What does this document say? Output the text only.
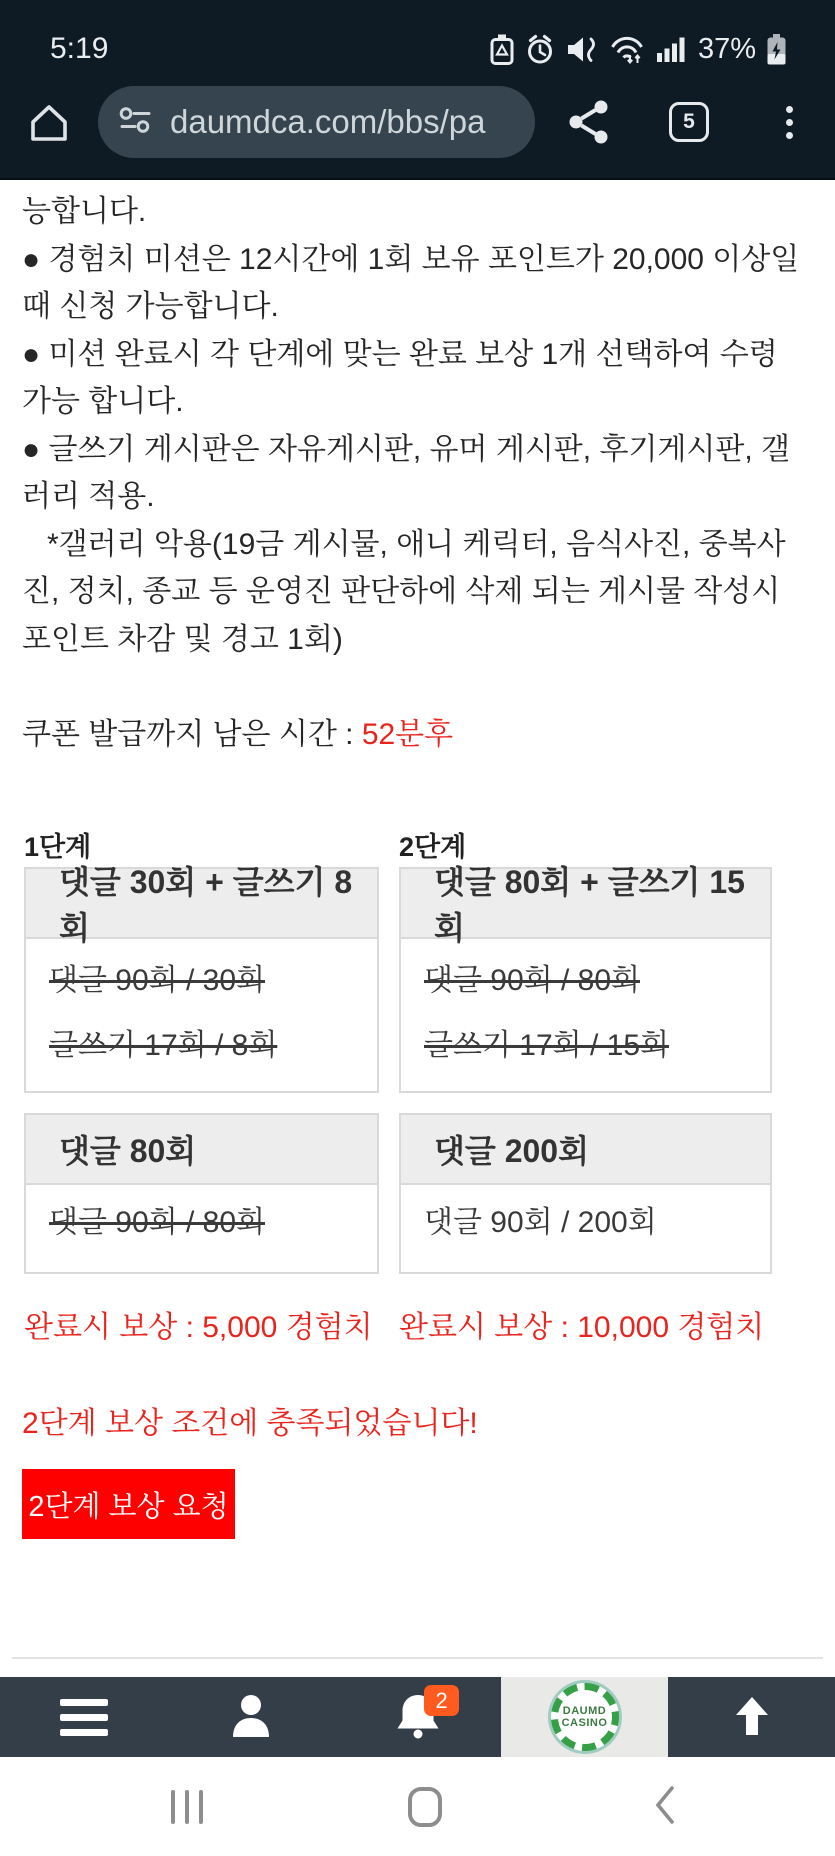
5:19	37%
daumdca.com/bbs/pa	5

능합니다.

● 경험치 미션은 12시간에 1회 보유 포인트가 20,000 이상일때 신청 가능합니다.

● 미션 완료시 각 단계에 맞는 완료 보상 1개 선택하여 수령 가능 합니다.

● 글쓰기 게시판은 자유게시판, 유머 게시판, 후기게시판, 갤러리 적용.

*갤러리 악용(19금 게시물, 애니 케릭터, 음식사진, 중복사진, 정치, 종교 등 운영진 판단하에 삭제 되는 게시물 작성시 포인트 차감 및 경고 1회)

쿠폰 발급까지 남은 시간 : 52분후
1단계
댓글 30회 + 글쓰기 8회
댓글 90회 / 30회
글쓰기 17회 / 8회
댓글 80회
댓글 90회 / 80회
완료시 보상 : 5,000 경험치
2단계
댓글 80회 + 글쓰기 15회
댓글 90회 / 80회
글쓰기 17회 / 15회
댓글 200회
댓글 90회 / 200회
완료시 보상 : 10,000 경험치
2단계 보상 조건에 충족되었습니다!
2단계 보상 요청
2	DAUMD
CASINO
